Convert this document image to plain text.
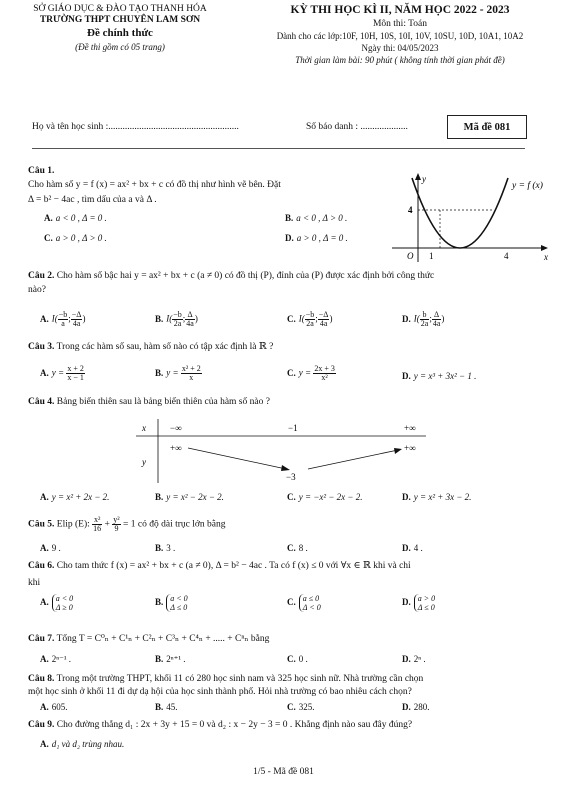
SỞ GIÁO DỤC & ĐÀO TẠO THANH HÓA
TRƯỜNG THPT CHUYÊN LAM SƠN
Đề chính thức
(Đề thi gồm có 05 trang)
KỲ THI HỌC KÌ II, NĂM HỌC 2022 - 2023
Môn thi: Toán
Dành cho các lớp:10F, 10H, 10S, 10I, 10V, 10SU, 10D, 10A1, 10A2
Ngày thi: 04/05/2023
Thời gian làm bài: 90 phút ( không tính thời gian phát đề)
Họ và tên học sinh :.......................................................	Số báo danh : ....................	Mã đề 081
Câu 1.
Cho hàm số y = f (x) = ax² + bx + c có đồ thị như hình vẽ bên. Đặt
Δ = b² − 4ac , tìm dấu của a và Δ .
A. a < 0 , Δ = 0 .	B. a < 0 , Δ > 0 .
C. a > 0 , Δ > 0 .	D. a > 0 , Δ = 0 .
y
x
4
O 1	4
y = f (x)
Câu 2. Cho hàm số bậc hai y = ax² + bx + c (a ≠ 0) có đồ thị (P), đỉnh của (P) được xác định bởi công thức
nào?
A. $I( \frac{-b}{a}$ ; $\frac{-\Delta}{4a}$ )	B. $I( \frac{-b}{2a}$ ; $\frac{\Delta}{4a}$ )	C. $I( \frac{-b}{2a}$ ; $\frac{-\Delta}{4a}$ )	D. $I( \frac{b}{2a}$ ; $\frac{\Delta}{4a}$ )
Câu 3. Trong các hàm số sau, hàm số nào có tập xác định là ℝ ?
A. $y = \frac{x + 2}{x - 1}$	B. $y = \frac{\text{x² + 2}}{x}$	C. $y = \frac{2x + 3}{\text{x²}}$	D. y = x³ + 3x² − 1 .
Câu 4. Bảng biến thiên sau là bảng biến thiên của hàm số nào ?
x
y
−∞	−1	+∞
+∞	+∞
−3
A. y = x² + 2x − 2.	B. y = x² − 2x − 2.	C. y = −x² − 2x − 2.	D. y = x² + 3x − 2.
Câu 5. Elip (E): $\frac{\text{x²}}{16} + \frac{\text{y²}}{9} = 1$ có độ dài trục lớn bằng
A. 9 .	B. 3 .	C. 8 .	D. 4 .
Câu 6. Cho tam thức f (x) = ax² + bx + c (a ≠ 0), Δ = b² − 4ac . Ta có f (x) ≤ 0 với ∀x ∈ ℝ khi và chỉ
khi
A. a < 0
Δ ≥ 0
B. a < 0
Δ ≤ 0
C. a ≤ 0
Δ < 0
D. a > 0
Δ ≤ 0
Câu 7. Tổng T = C⁰ₙ + C¹ₙ + C²ₙ + C³ₙ + C⁴ₙ + ..... + Cⁿₙ bằng
A. 2ⁿ⁻¹ .	B. 2ⁿ⁺¹ .	C. 0 .	D. 2ⁿ .
Câu 8. Trong một trường THPT, khối 11 có 280 học sinh nam và 325 học sinh nữ. Nhà trường cần chọn
một học sinh ở khối 11 đi dự dạ hội của học sinh thành phố. Hỏi nhà trường có bao nhiêu cách chọn?
A. 605.	B. 45.	C. 325.	D. 280.
Câu 9. Cho đường thẳng d₁ : 2x + 3y + 15 = 0 và d₂ : x − 2y − 3 = 0 . Khẳng định nào sau đây đúng?
A. d₁ và d₂ trùng nhau.
1/5 - Mã đề 081
